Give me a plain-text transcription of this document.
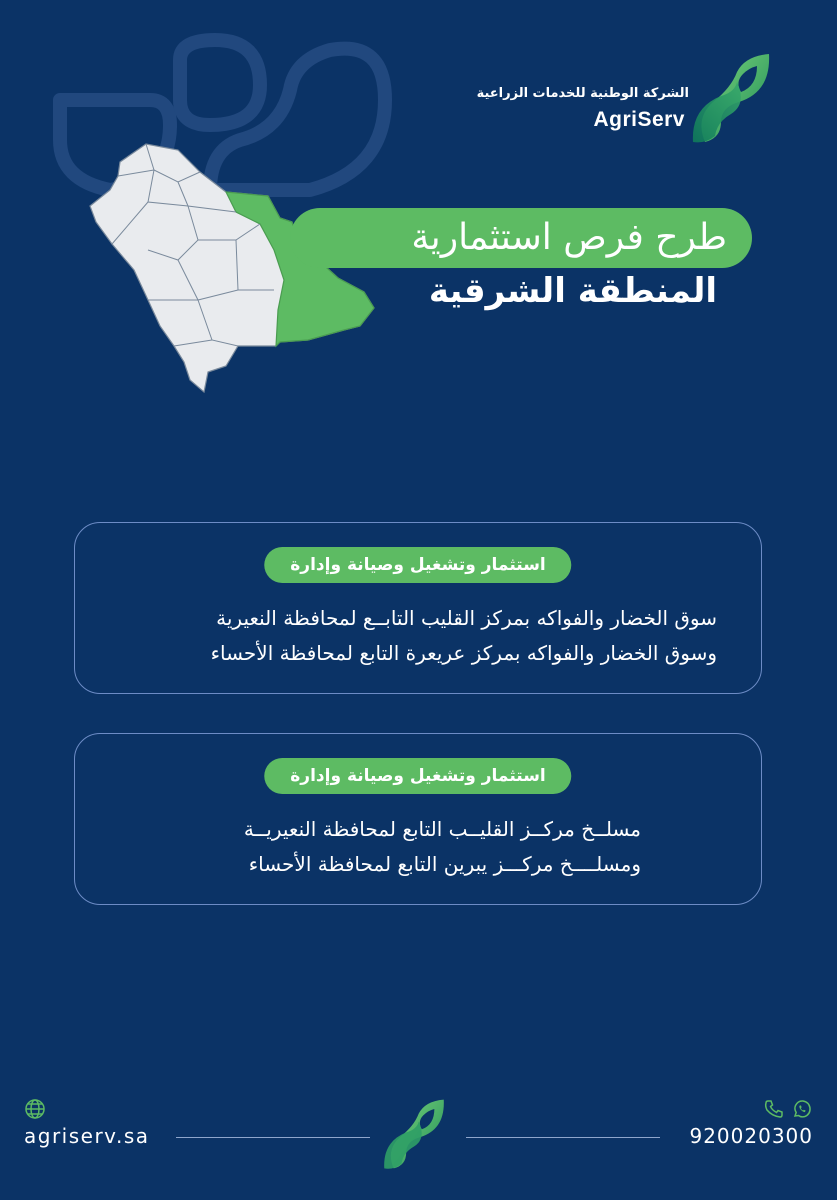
الشركة الوطنية للخدمات الزراعية
AgriServ
طرح فرص استثمارية
المنطقة الشرقية
استثمار وتشغيل وصيانة وإدارة
سوق الخضار والفواكه بمركز القليب التابــع لمحافظة النعيرية
وسوق الخضار والفواكه بمركز عريعرة التابع لمحافظة الأحساء
استثمار وتشغيل وصيانة وإدارة
مسلــخ مركــز القليــب التابع لمحافظة النعيريــة
ومسلــــخ مركـــز يبرين التابع لمحافظة الأحساء
agriserv.sa	920020300
